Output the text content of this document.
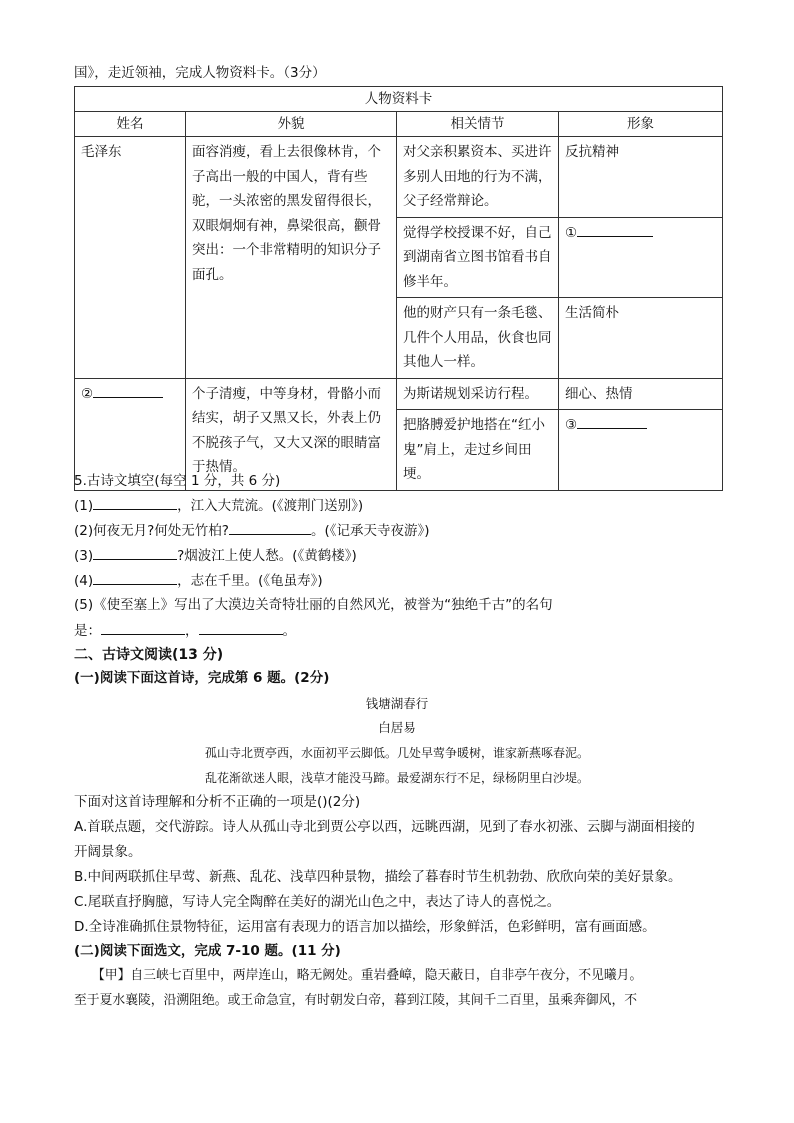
国》，走近领袖，完成人物资料卡。（3分）
人物资料卡			
姓名	外貌	相关情节	形象
毛泽东	面容消瘦，看上去很像林肯，个子高出一般的中国人，背有些驼，一头浓密的黑发留得很长，双眼炯炯有神，鼻梁很高，颧骨突出：一个非常精明的知识分子面孔。	对父亲积累资本、买进许多别人田地的行为不满，父子经常辩论。	反抗精神
		觉得学校授课不好，自己到湖南省立图书馆看书自修半年。	①
		他的财产只有一条毛毯、几件个人用品，伙食也同其他人一样。	生活简朴
②	个子清瘦，中等身材，骨骼小而结实，胡子又黑又长，外表上仍不脱孩子气，又大又深的眼睛富于热情。	为斯诺规划采访行程。	细心、热情
		把胳膊爱护地搭在“红小鬼”肩上，走过乡间田埂。	③
5.古诗文填空(每空 1 分，共 6 分)
(1)	，江入大荒流。(《渡荆门送别》)
(2)何夜无月?何处无竹柏?	。(《记承天寺夜游》)
(3)	?烟波江上使人愁。(《黄鹤楼》)
(4)	，志在千里。(《龟虽寿》)
(5)《使至塞上》写出了大漠边关奇特壮丽的自然风光，被誉为“独绝千古”的名句
是：	，	。
二、古诗文阅读(13 分)
(一)阅读下面这首诗，完成第 6 题。(2分)
钱塘湖春行
白居易
孤山寺北贾亭西，水面初平云脚低。几处早莺争暖树，谁家新燕啄春泥。
乱花渐欲迷人眼，浅草才能没马蹄。最爱湖东行不足，绿杨阴里白沙堤。
下面对这首诗理解和分析不正确的一项是()(2分)
A.首联点题，交代游踪。诗人从孤山寺北到贾公亭以西，远眺西湖，见到了春水初涨、云脚与湖面相接的
开阔景象。
B.中间两联抓住早莺、新燕、乱花、浅草四种景物，描绘了暮春时节生机勃勃、欣欣向荣的美好景象。
C.尾联直抒胸臆，写诗人完全陶醉在美好的湖光山色之中，表达了诗人的喜悦之。
D.全诗准确抓住景物特征，运用富有表现力的语言加以描绘，形象鲜活，色彩鲜明，富有画面感。
(二)阅读下面选文，完成 7-10 题。(11 分)
【甲】自三峡七百里中，两岸连山，略无阙处。重岩叠嶂，隐天蔽日，自非亭午夜分，不见曦月。
至于夏水襄陵，沿溯阻绝。或王命急宣，有时朝发白帝，暮到江陵，其间千二百里，虽乘奔御风，不
